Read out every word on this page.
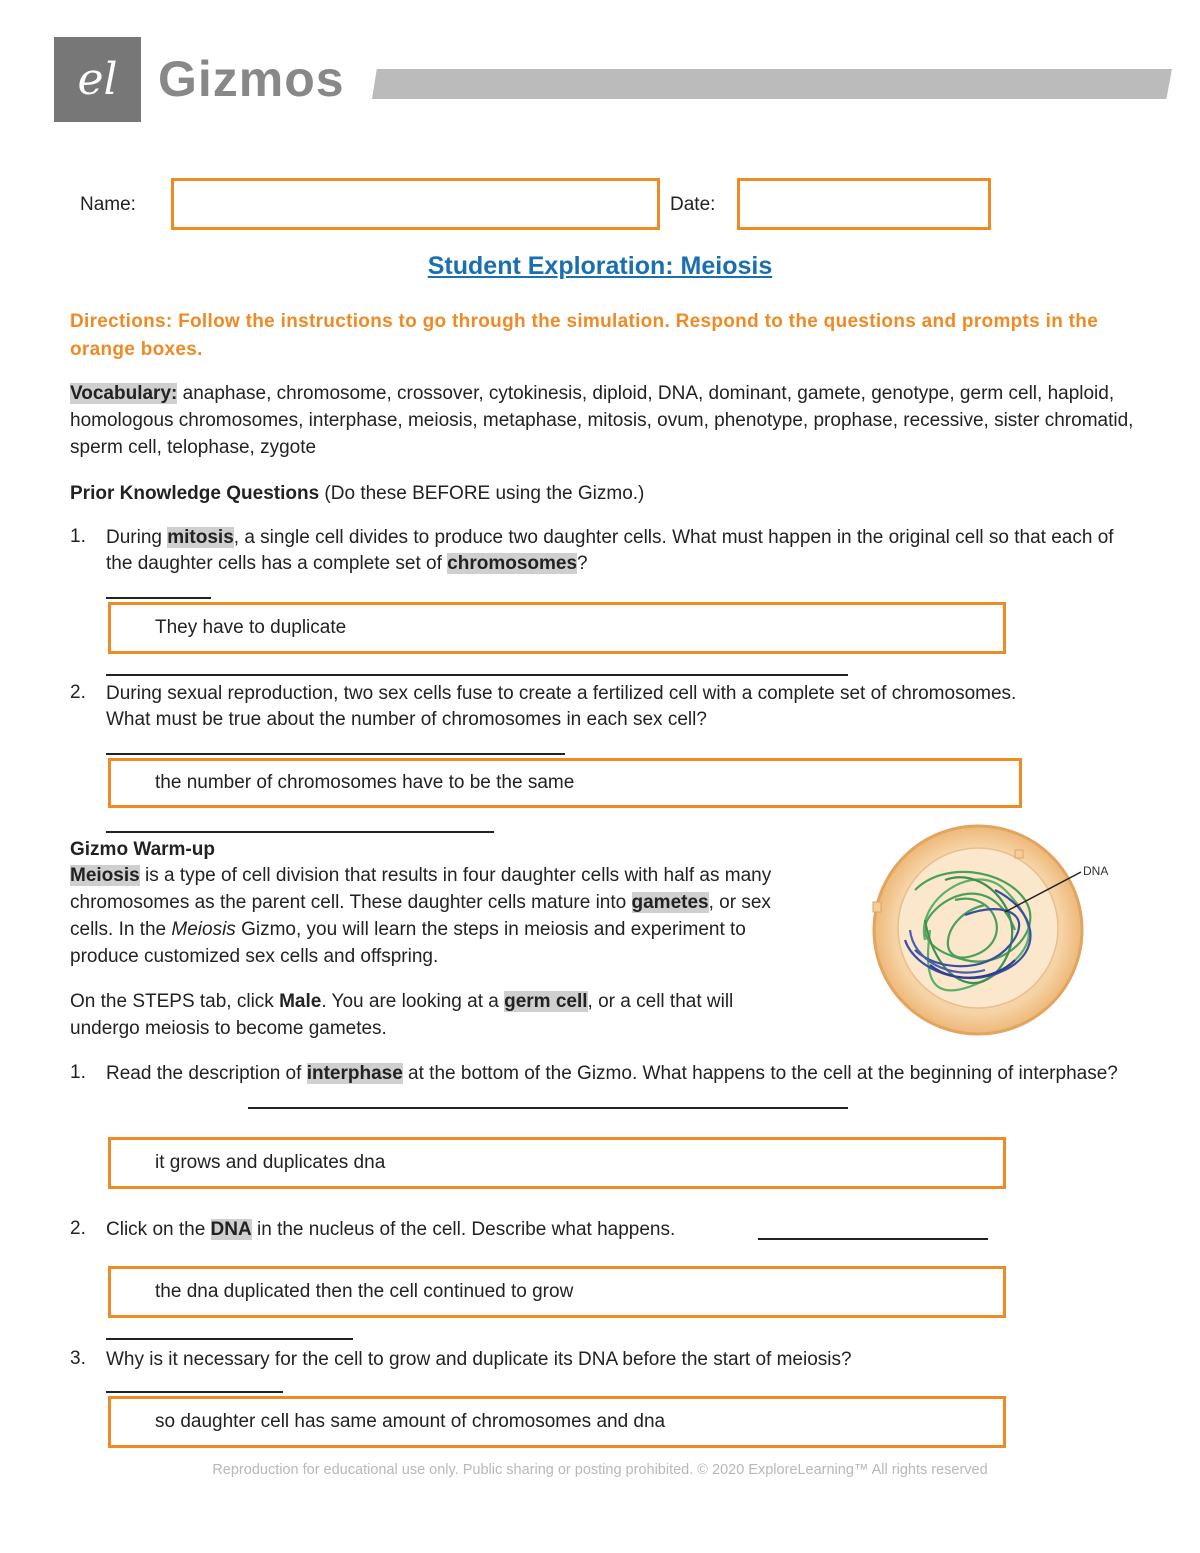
el Gizmos
Name:	Date:
Student Exploration: Meiosis
Directions: Follow the instructions to go through the simulation. Respond to the questions and prompts in the orange boxes.
Vocabulary: anaphase, chromosome, crossover, cytokinesis, diploid, DNA, dominant, gamete, genotype, germ cell, haploid, homologous chromosomes, interphase, meiosis, metaphase, mitosis, ovum, phenotype, prophase, recessive, sister chromatid, sperm cell, telophase, zygote
Prior Knowledge Questions (Do these BEFORE using the Gizmo.)
1. During mitosis, a single cell divides to produce two daughter cells. What must happen in the original cell so that each of the daughter cells has a complete set of chromosomes?
They have to duplicate
2. During sexual reproduction, two sex cells fuse to create a fertilized cell with a complete set of chromosomes. What must be true about the number of chromosomes in each sex cell?
the number of chromosomes have to be the same
Gizmo Warm-up
Meiosis is a type of cell division that results in four daughter cells with half as many chromosomes as the parent cell. These daughter cells mature into gametes, or sex cells. In the Meiosis Gizmo, you will learn the steps in meiosis and experiment to produce customized sex cells and offspring.
On the STEPS tab, click Male. You are looking at a germ cell, or a cell that will undergo meiosis to become gametes.
DNA
1. Read the description of interphase at the bottom of the Gizmo. What happens to the cell at the beginning of interphase?
it grows and duplicates dna
2. Click on the DNA in the nucleus of the cell. Describe what happens.
the dna duplicated then the cell continued to grow
3. Why is it necessary for the cell to grow and duplicate its DNA before the start of meiosis?
so daughter cell has same amount of chromosomes and dna
Reproduction for educational use only. Public sharing or posting prohibited. © 2020 ExploreLearning™ All rights reserved
